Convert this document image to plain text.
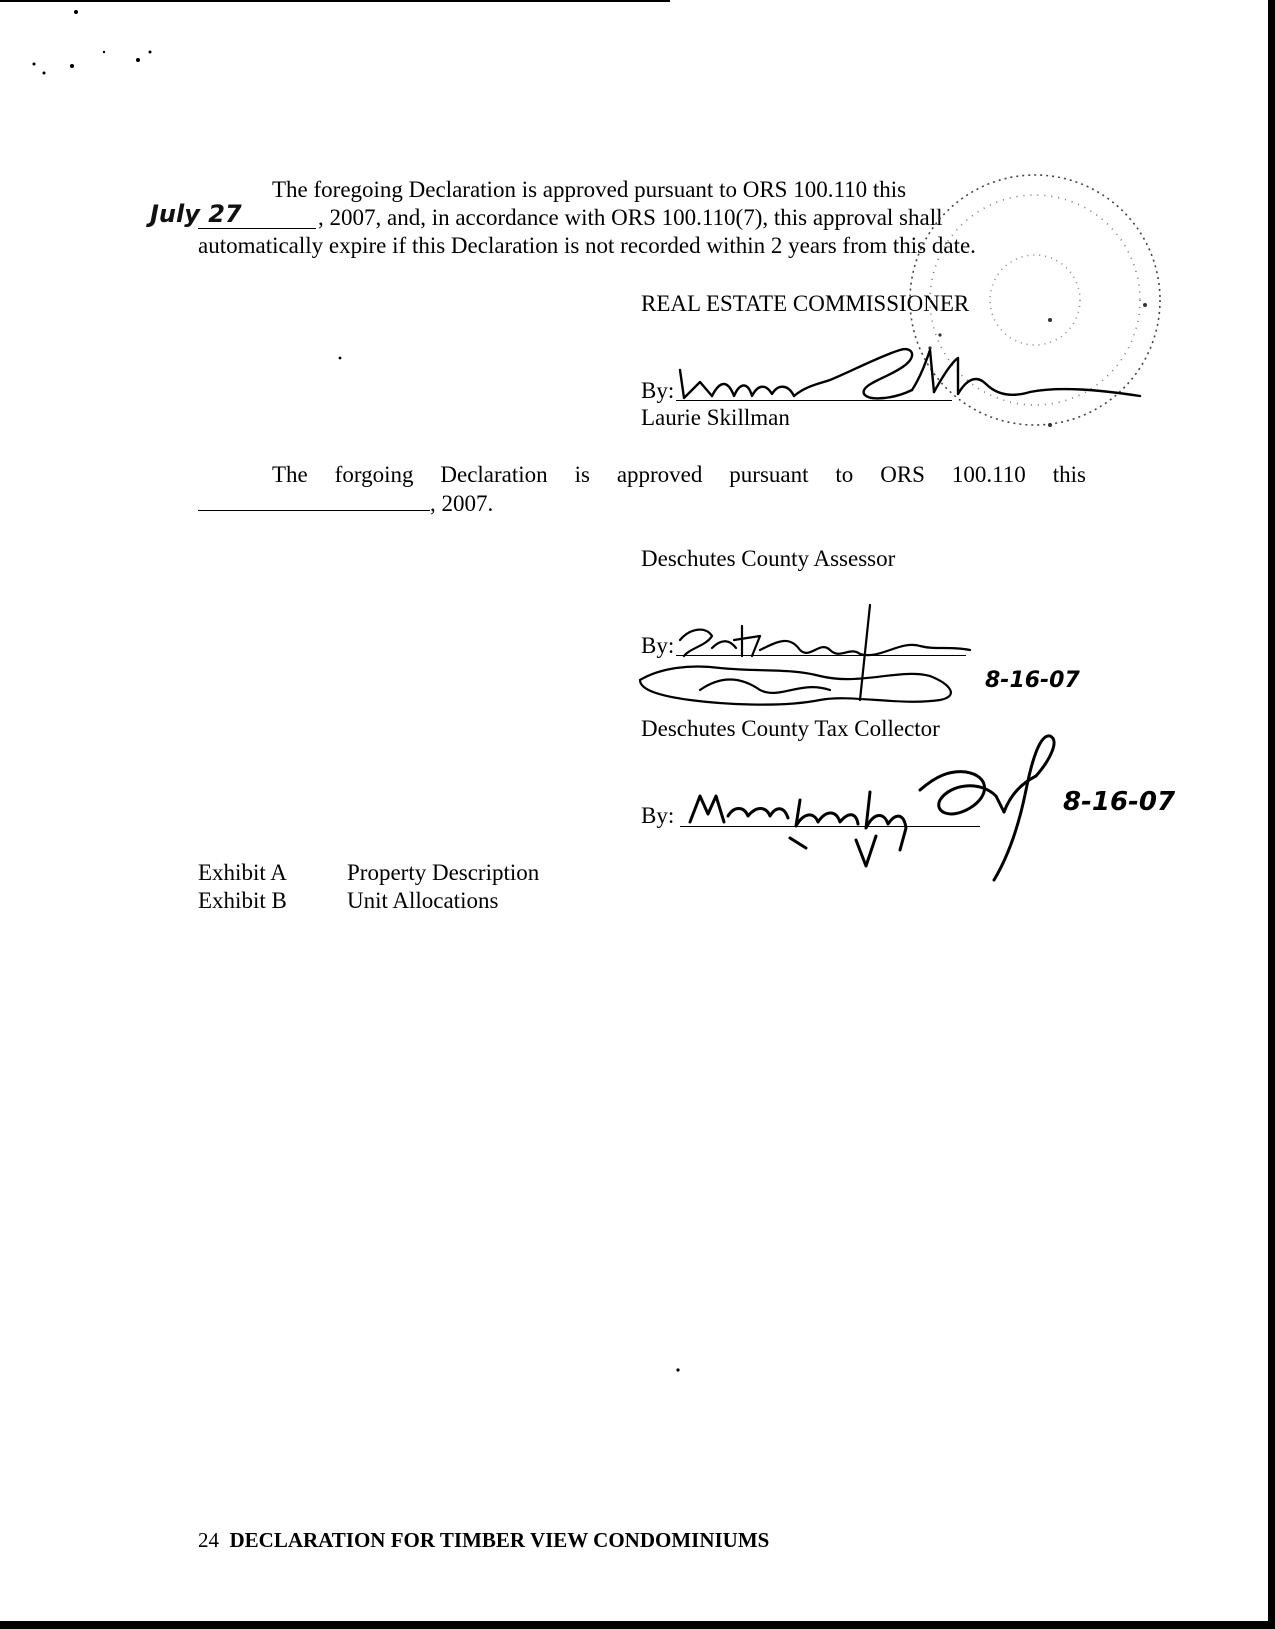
The foregoing Declaration is approved pursuant to ORS 100.110 this
July 27	, 2007, and, in accordance with ORS 100.110(7), this approval shall
automatically expire if this Declaration is not recorded within 2 years from this date.
REAL ESTATE COMMISSIONER
By:
Laurie Skillman
The forgoing Declaration is approved pursuant to ORS 100.110 this
, 2007.
Deschutes County Assessor
By:
8-16-07
Deschutes County Tax Collector
By:	8-16-07
Exhibit A	Property Description
Exhibit B	Unit Allocations
24 DECLARATION FOR TIMBER VIEW CONDOMINIUMS
